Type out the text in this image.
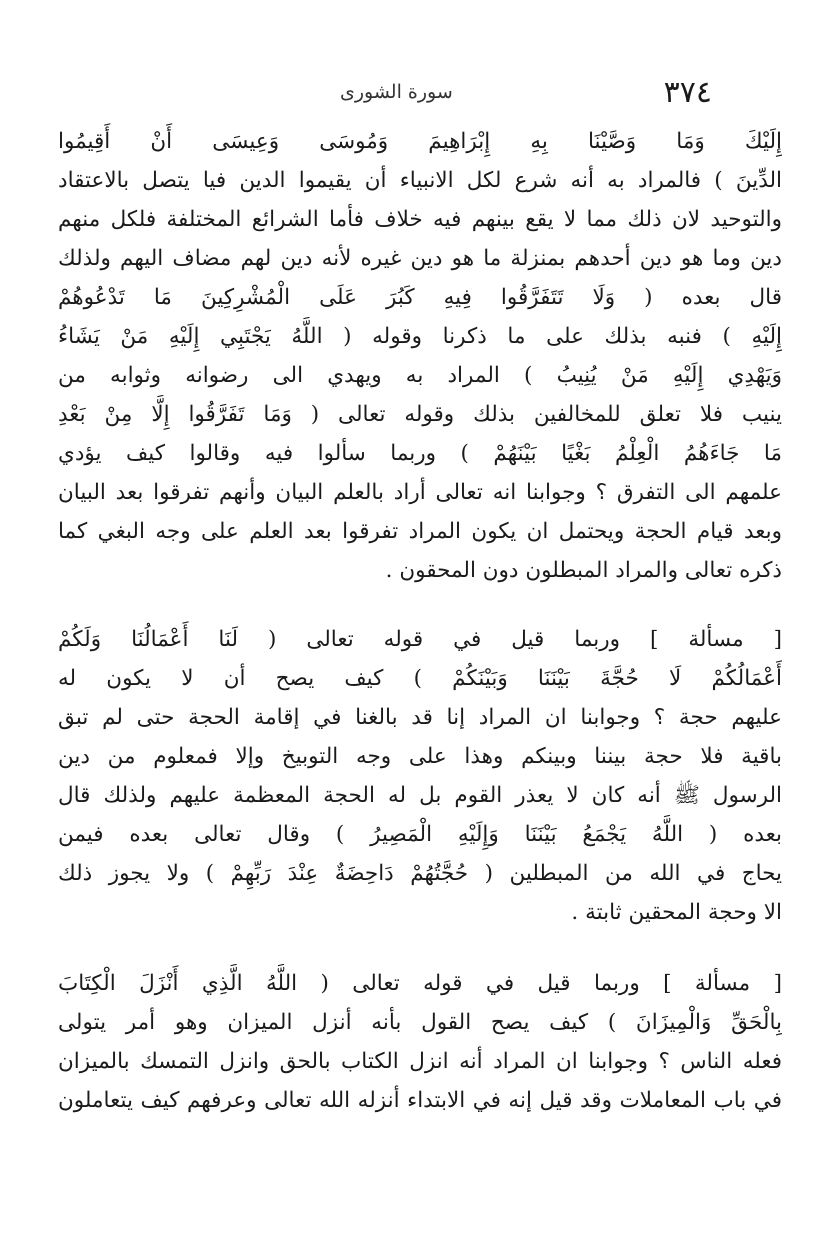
٣٧٤
سورة الشورى
إِلَيْكَ وَمَا وَصَّيْنَا بِهِ إِبْرَاهِيمَ وَمُوسَى وَعِيسَى أَنْ أَقِيمُوا
الدِّينَ ) فالمراد به أنه شرع لكل الانبياء أن يقيموا الدين فيا يتصل بالاعتقاد
والتوحيد لان ذلك مما لا يقع بينهم فيه خلاف فأما الشرائع المختلفة فلكل منهم
دين وما هو دين أحدهم بمنزلة ما هو دين غيره لأنه دين لهم مضاف اليهم ولذلك
قال بعده ( وَلَا تَتَفَرَّقُوا فِيهِ كَبُرَ عَلَى الْمُشْرِكِينَ مَا تَدْعُوهُمْ
إِلَيْهِ ) فنبه بذلك على ما ذكرنا وقوله ( اللَّهُ يَجْتَبِي إِلَيْهِ مَنْ يَشَاءُ
وَيَهْدِي إِلَيْهِ مَنْ يُنِيبُ ) المراد به ويهدي الى رضوانه وثوابه من
ينيب فلا تعلق للمخالفين بذلك وقوله تعالى ( وَمَا تَفَرَّقُوا إِلَّا مِنْ بَعْدِ
مَا جَاءَهُمُ الْعِلْمُ بَغْيًا بَيْنَهُمْ ) وربما سألوا فيه وقالوا كيف يؤدي
علمهم الى التفرق ؟ وجوابنا انه تعالى أراد بالعلم البيان وأنهم تفرقوا بعد البيان
وبعد قيام الحجة ويحتمل ان يكون المراد تفرقوا بعد العلم على وجه البغي كما
ذكره تعالى والمراد المبطلون دون المحقون .
[ مسألة ] وربما قيل في قوله تعالى ( لَنَا أَعْمَالُنَا وَلَكُمْ
أَعْمَالُكُمْ لَا حُجَّةَ بَيْنَنَا وَبَيْنَكُمْ ) كيف يصح أن لا يكون له
عليهم حجة ؟ وجوابنا ان المراد إنا قد بالغنا في إقامة الحجة حتى لم تبق
باقية فلا حجة بيننا وبينكم وهذا على وجه التوبيخ وإلا فمعلوم من دين
الرسول ﷺ أنه كان لا يعذر القوم بل له الحجة المعظمة عليهم ولذلك قال
بعده ( اللَّهُ يَجْمَعُ بَيْنَنَا وَإِلَيْهِ الْمَصِيرُ ) وقال تعالى بعده فيمن
يحاج في الله من المبطلين ( حُجَّتُهُمْ دَاحِضَةٌ عِنْدَ رَبِّهِمْ ) ولا يجوز ذلك
الا وحجة المحقين ثابتة .
[ مسألة ] وربما قيل في قوله تعالى ( اللَّهُ الَّذِي أَنْزَلَ الْكِتَابَ
بِالْحَقِّ وَالْمِيزَانَ ) كيف يصح القول بأنه أنزل الميزان وهو أمر يتولى
فعله الناس ؟ وجوابنا ان المراد أنه انزل الكتاب بالحق وانزل التمسك بالميزان
في باب المعاملات وقد قيل إنه في الابتداء أنزله الله تعالى وعرفهم كيف يتعاملون
